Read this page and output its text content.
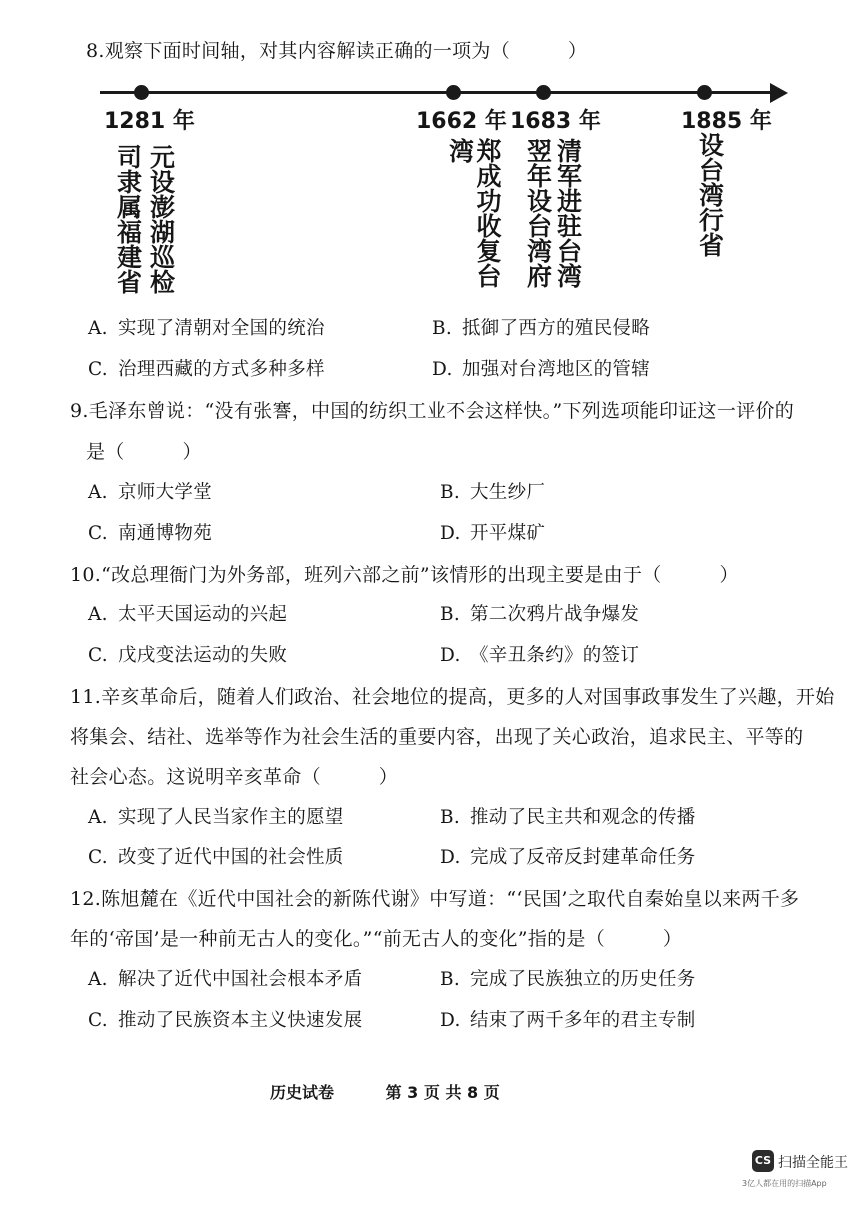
8.观察下面时间轴，对其内容解读正确的一项为（　　　）
1281 年	1662 年 1683 年	1885 年
元设澎湖巡检
司隶属福建省	郑成功收复台湾	清军进驻台湾
翌年设台湾府	设台湾行省
A. 实现了清朝对全国的统治	B. 抵御了西方的殖民侵略
C. 治理西藏的方式多种多样	D. 加强对台湾地区的管辖
9.毛泽东曾说：“没有张謇，中国的纺织工业不会这样快。”下列选项能印证这一评价的
是（　　　）
A. 京师大学堂	B. 大生纱厂
C. 南通博物苑	D. 开平煤矿
10.“改总理衙门为外务部，班列六部之前”该情形的出现主要是由于（　　　）
A. 太平天国运动的兴起	B. 第二次鸦片战争爆发
C. 戊戌变法运动的失败	D. 《辛丑条约》的签订
11.辛亥革命后，随着人们政治、社会地位的提高，更多的人对国事政事发生了兴趣，开始
将集会、结社、选举等作为社会生活的重要内容，出现了关心政治，追求民主、平等的
社会心态。这说明辛亥革命（　　　）
A. 实现了人民当家作主的愿望	B. 推动了民主共和观念的传播
C. 改变了近代中国的社会性质	D. 完成了反帝反封建革命任务
12.陈旭麓在《近代中国社会的新陈代谢》中写道：“‘民国’之取代自秦始皇以来两千多
年的‘帝国’是一种前无古人的变化。”“前无古人的变化”指的是（　　　）
A. 解决了近代中国社会根本矛盾	B. 完成了民族独立的历史任务
C. 推动了民族资本主义快速发展	D. 结束了两千多年的君主专制
历史试卷	第 3 页 共 8 页
CS 扫描全能王
3亿人都在用的扫描App
